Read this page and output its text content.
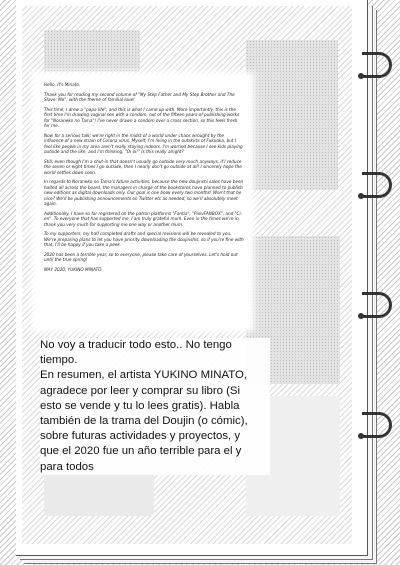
Hello, it's Minato.

Thank you for reading my second volume of "My Step Father and My Step Brother and The Slave: Me", with the theme of familial love!

This time, I drew a "papa life", and this is what I came up with. More importantly, this is the first time I'm drawing vaginal sex with a condom, out of the fifteen years of publishing works for "Noraneko no Tama"! I've never drawn a condom over a cross section, so this feels fresh for me.

Now for a serious talk; we're right in the midst of a world under chaos wrought by the influence of a new strain of Corona virus. Myself, I'm living in the outskirts of Fukuoka, but I feel like people in my area aren't really staying indoors. I'm worried because I see kids playing outside and the like, and I'm thinking, "Oi oi!" Is this really alright?

Still, even though I'm a shut-in that doesn't usually go outside very much anyways, if I reduce the seven or eight times I go outside, then I nearly don't go outside at all! I sincerely hope the world settles down soon.

In regards to Noraneko no Tama's future activities; because the new doujinshi sales have been halted all across the board, the managers in charge of the bookstores have planned to publish new editions as digital downloads only. Our goal is one book every two months! Won't that be nice? We'll be publishing announcements on Twitter etc as needed, so we'll absolutely meet again.

Additionally, I have so far registered on the patron platforms "Fantia", "PixivFANBOX", and "Ci-en". To everyone that has supported me, I am truly grateful mum. Even in the times we're in, thank you very much for supporting me one way or another mum.

To my supporters, my half completed drafts and special revisions will be revealed to you. We're preparing plans to let you have priority downloading the doujinshis, so if you're fine with that, I'll be happy if you take a peek.

2020 has been a terrible year, so to everyone, please take care of yourselves. Let's hold out until the true spring!

MAY 2020, YUKINO MINATO

No voy a traducir todo esto.. No tengo

tiempo.

En resumen, el artista YUKINO MINATO,

agradece por leer y comprar su libro (Si

esto se vende y tu lo lees gratis). Habla

también de la trama del Doujin (o cómic),

sobre futuras actividades y proyectos, y

que el 2020 fue un año terrible para el y

para todos
